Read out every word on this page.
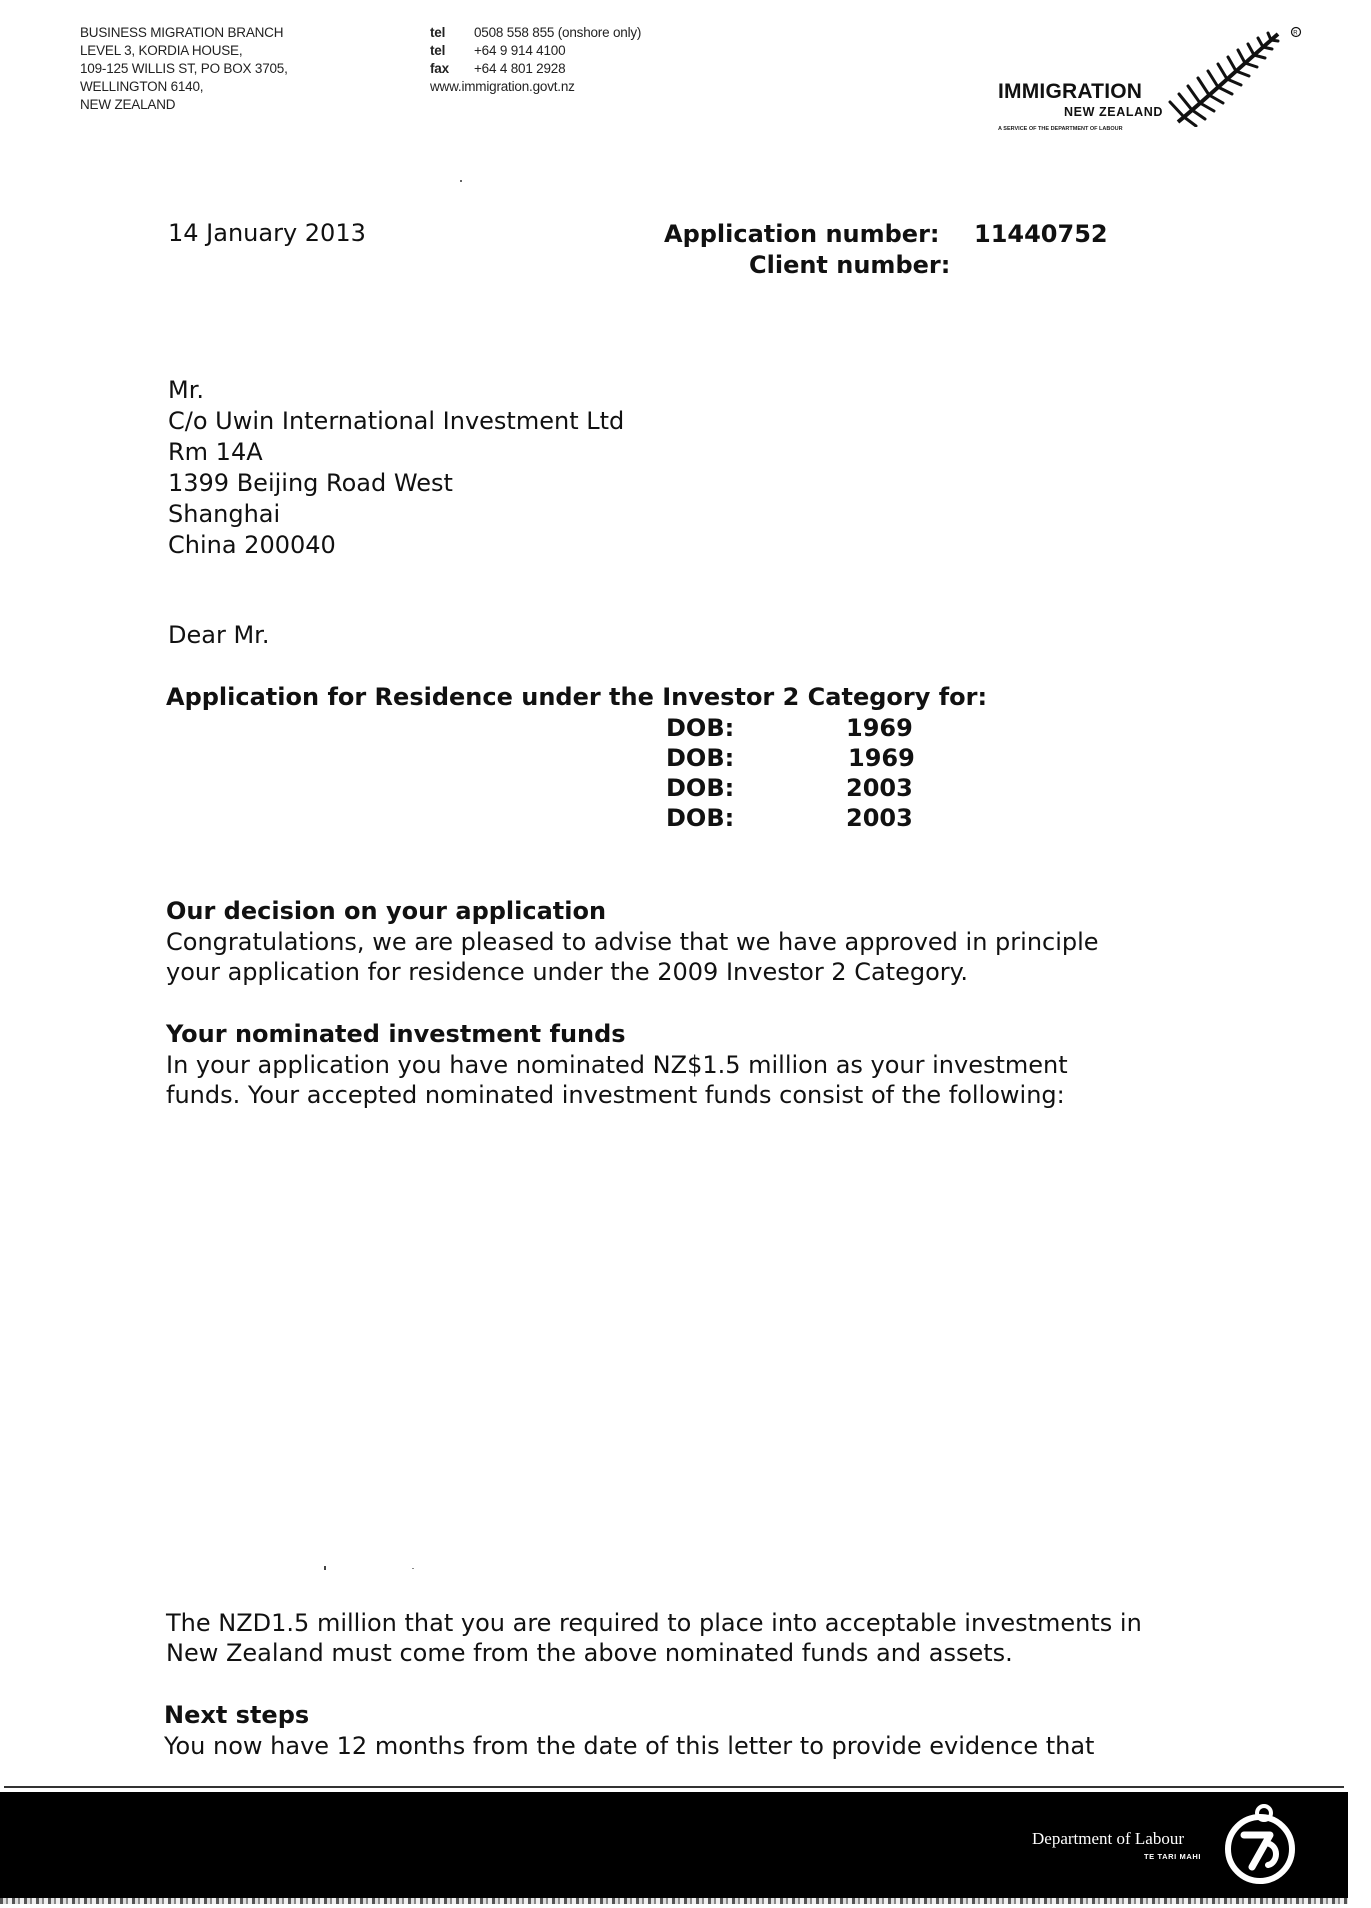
BUSINESS MIGRATION BRANCH
LEVEL 3, KORDIA HOUSE,
109-125 WILLIS ST, PO BOX 3705,
WELLINGTON 6140,
NEW ZEALAND
tel	0508 558 855 (onshore only)
tel	+64 9 914 4100
fax	+64 4 801 2928
www.immigration.govt.nz	IMMIGRATION
NEW ZEALAND
A SERVICE OF THE DEPARTMENT OF LABOUR
R
14 January 2013	Application number: 11440752
Client number:
Mr.
C/o Uwin International Investment Ltd
Rm 14A
1399 Beijing Road West
Shanghai
China 200040
Dear Mr.
Application for Residence under the Investor 2 Category for:
DOB:	1969
DOB:	1969
DOB:	2003
DOB:	2003
Our decision on your application
Congratulations, we are pleased to advise that we have approved in principle
your application for residence under the 2009 Investor 2 Category.
Your nominated investment funds
In your application you have nominated NZ$1.5 million as your investment
funds. Your accepted nominated investment funds consist of the following:
The NZD1.5 million that you are required to place into acceptable investments in
New Zealand must come from the above nominated funds and assets.
Next steps
You now have 12 months from the date of this letter to provide evidence that
Department of Labour
TE TARI MAHI
